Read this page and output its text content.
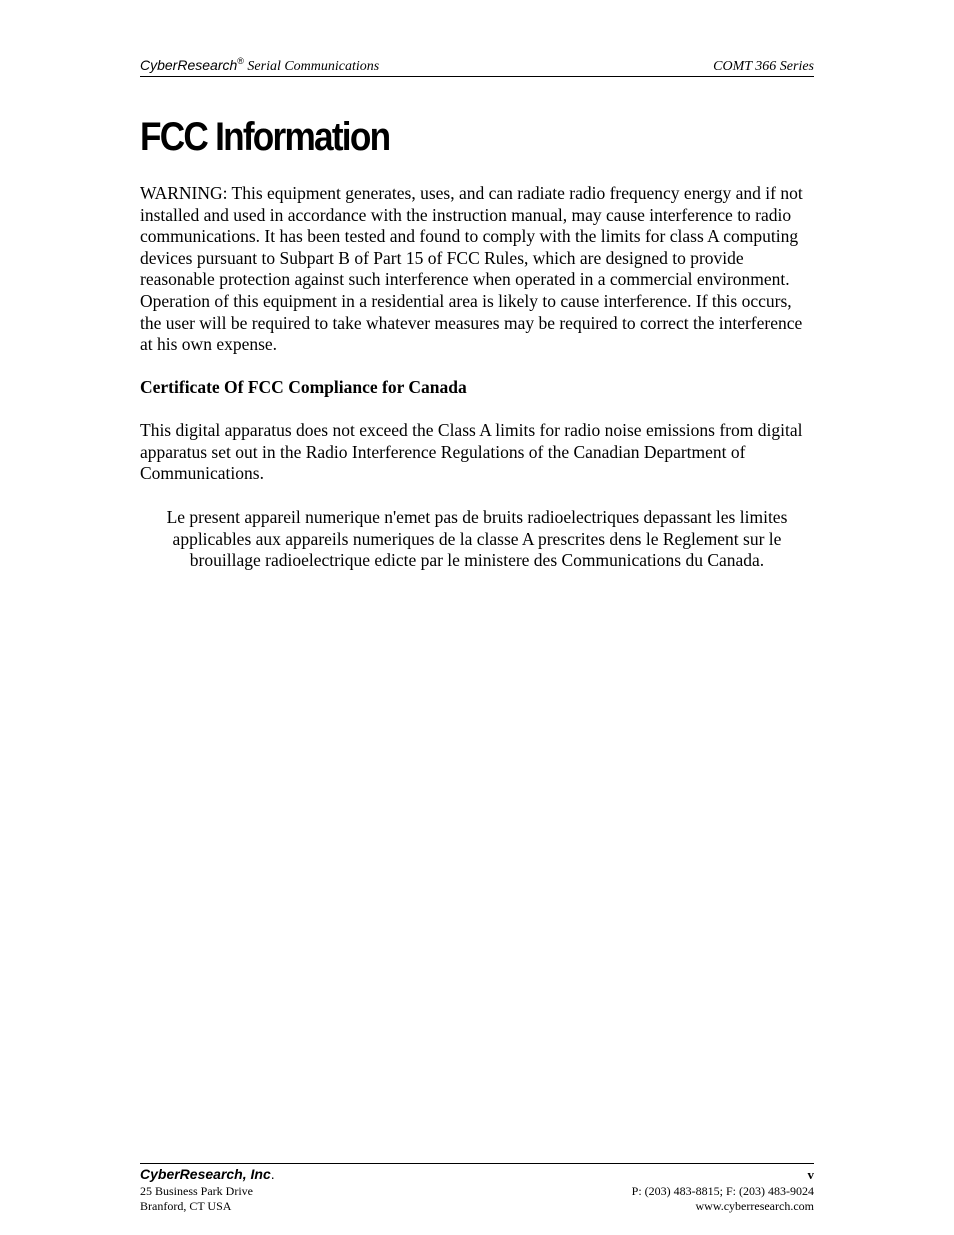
CyberResearch® Serial Communications	COMT 366 Series
FCC Information

WARNING: This equipment generates, uses, and can radiate radio frequency energy and if not installed and used in accordance with the instruction manual, may cause interference to radio communications. It has been tested and found to comply with the limits for class A computing devices pursuant to Subpart B of Part 15 of FCC Rules, which are designed to provide reasonable protection against such interference when operated in a commercial environment. Operation of this equipment in a residential area is likely to cause interference. If this occurs, the user will be required to take whatever measures may be required to correct the interference at his own expense.

Certificate Of FCC Compliance for Canada

This digital apparatus does not exceed the Class A limits for radio noise emissions from digital apparatus set out in the Radio Interference Regulations of the Canadian Department of Communications.

Le present appareil numerique n'emet pas de bruits radioelectriques depassant les limites applicables aux appareils numeriques de la classe A prescrites dens le Reglement sur le brouillage radioelectrique edicte par le ministere des Communications du Canada.

CyberResearch, Inc.	v
25 Business Park Drive
Branford, CT USA
P: (203) 483-8815; F: (203) 483-9024
www.cyberresearch.com
